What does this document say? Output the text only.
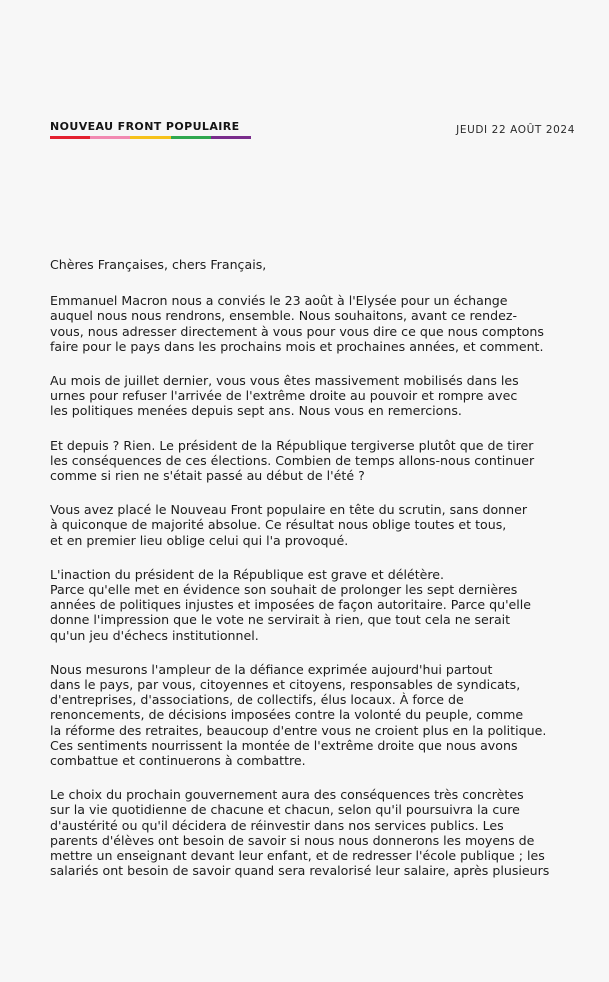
NOUVEAU FRONT POPULAIRE	JEUDI 22 AOÛT 2024
Chères Françaises, chers Français,
Emmanuel Macron nous a conviés le 23 août à l'Elysée pour un échange
auquel nous nous rendrons, ensemble. Nous souhaitons, avant ce rendez-
vous, nous adresser directement à vous pour vous dire ce que nous comptons
faire pour le pays dans les prochains mois et prochaines années, et comment.
Au mois de juillet dernier, vous vous êtes massivement mobilisés dans les
urnes pour refuser l'arrivée de l'extrême droite au pouvoir et rompre avec
les politiques menées depuis sept ans. Nous vous en remercions.
Et depuis ? Rien. Le président de la République tergiverse plutôt que de tirer
les conséquences de ces élections. Combien de temps allons-nous continuer
comme si rien ne s'était passé au début de l'été ?
Vous avez placé le Nouveau Front populaire en tête du scrutin, sans donner
à quiconque de majorité absolue. Ce résultat nous oblige toutes et tous,
et en premier lieu oblige celui qui l'a provoqué.
L'inaction du président de la République est grave et délétère.
Parce qu'elle met en évidence son souhait de prolonger les sept dernières
années de politiques injustes et imposées de façon autoritaire. Parce qu'elle
donne l'impression que le vote ne servirait à rien, que tout cela ne serait
qu'un jeu d'échecs institutionnel.
Nous mesurons l'ampleur de la défiance exprimée aujourd'hui partout
dans le pays, par vous, citoyennes et citoyens, responsables de syndicats,
d'entreprises, d'associations, de collectifs, élus locaux. À force de
renoncements, de décisions imposées contre la volonté du peuple, comme
la réforme des retraites, beaucoup d'entre vous ne croient plus en la politique.
Ces sentiments nourrissent la montée de l'extrême droite que nous avons
combattue et continuerons à combattre.
Le choix du prochain gouvernement aura des conséquences très concrètes
sur la vie quotidienne de chacune et chacun, selon qu'il poursuivra la cure
d'austérité ou qu'il décidera de réinvestir dans nos services publics. Les
parents d'élèves ont besoin de savoir si nous nous donnerons les moyens de
mettre un enseignant devant leur enfant, et de redresser l'école publique ; les
salariés ont besoin de savoir quand sera revalorisé leur salaire, après plusieurs
